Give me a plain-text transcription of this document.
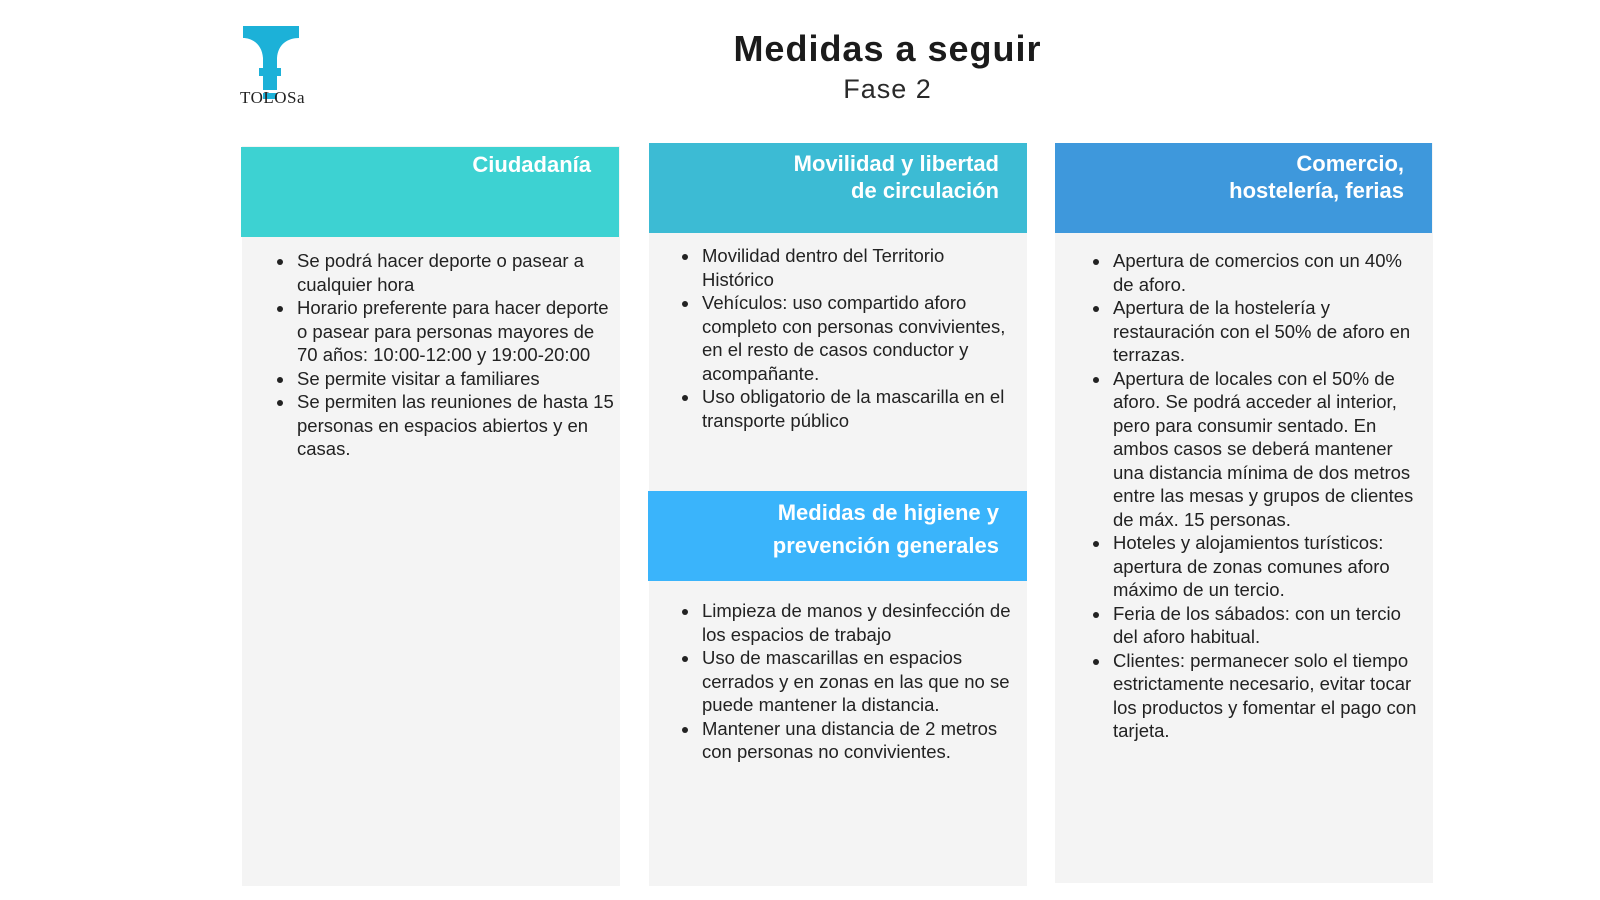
TOLOSa
Medidas a seguir
Fase 2
Ciudadanía
• Se podrá hacer deporte o pasear a cualquier hora
• Horario preferente para hacer deporte o pasear para personas mayores de 70 años: 10:00-12:00 y 19:00-20:00
• Se permite visitar a familiares
• Se permiten las reuniones de hasta 15 personas en espacios abiertos y en casas.
Movilidad y libertad
de circulación
• Movilidad dentro del Territorio Histórico
• Vehículos: uso compartido aforo completo con personas convivientes, en el resto de casos conductor y acompañante.
• Uso obligatorio de la mascarilla en el transporte público
Medidas de higiene y
prevención generales
• Limpieza de manos y desinfección de los espacios de trabajo
• Uso de mascarillas en espacios cerrados y en zonas en las que no se puede mantener la distancia.
• Mantener una distancia de 2 metros con personas no convivientes.
Comercio,
hostelería, ferias
• Apertura de comercios con un 40% de aforo.
• Apertura de la hostelería y restauración con el 50% de aforo en terrazas.
• Apertura de locales con el 50% de aforo. Se podrá acceder al interior, pero para consumir sentado. En ambos casos se deberá mantener una distancia mínima de dos metros entre las mesas y grupos de clientes de máx. 15 personas.
• Hoteles y alojamientos turísticos: apertura de zonas comunes aforo máximo de un tercio.
• Feria de los sábados: con un tercio del aforo habitual.
• Clientes: permanecer solo el tiempo estrictamente necesario, evitar tocar los productos y fomentar el pago con tarjeta.
